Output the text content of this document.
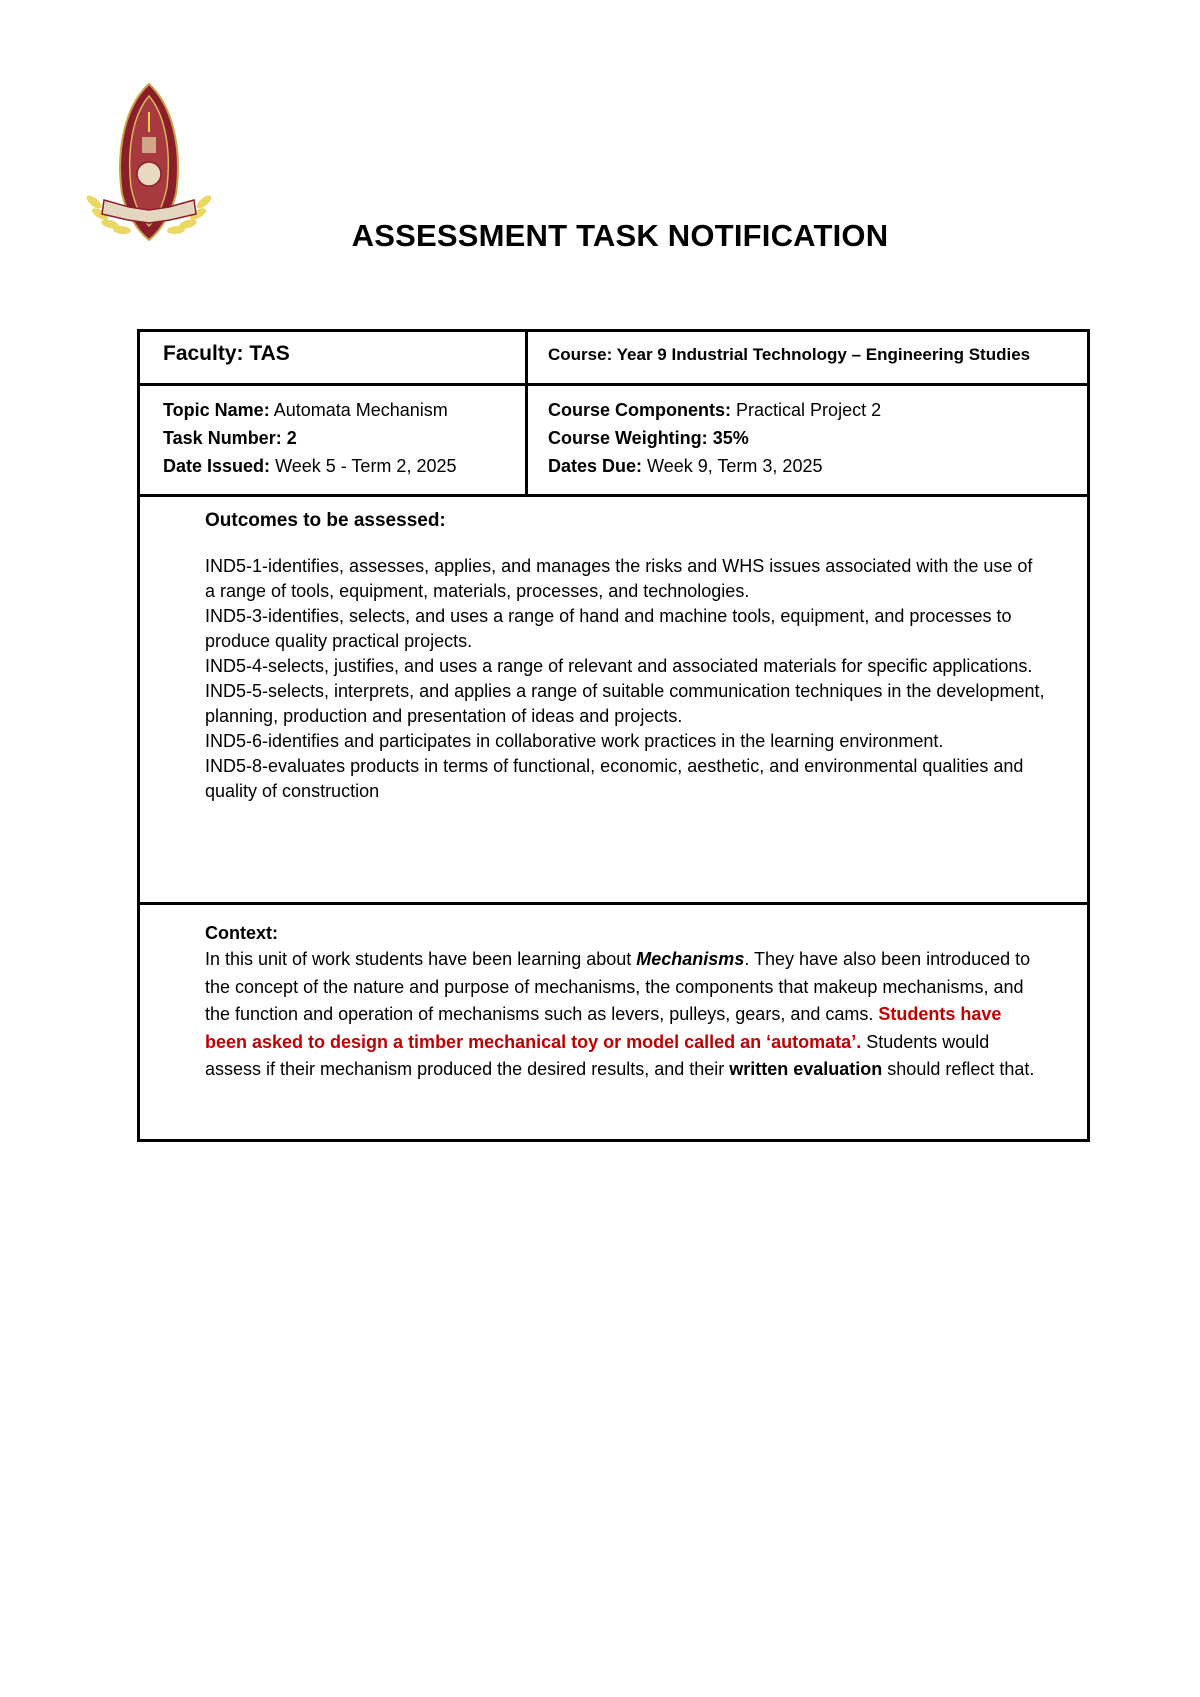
ASSESSMENT TASK NOTIFICATION
Faculty: TAS	Course: Year 9 Industrial Technology – Engineering Studies
Topic Name: Automata Mechanism
Task Number: 2
Date Issued: Week 5 - Term 2, 2025
Course Components: Practical Project 2
Course Weighting: 35%
Dates Due: Week 9, Term 3, 2025
Outcomes to be assessed:

IND5-1-identifies, assesses, applies, and manages the risks and WHS issues associated with the use of a range of tools, equipment, materials, processes, and technologies.

IND5-3-identifies, selects, and uses a range of hand and machine tools, equipment, and processes to produce quality practical projects.

IND5-4-selects, justifies, and uses a range of relevant and associated materials for specific applications.

IND5-5-selects, interprets, and applies a range of suitable communication techniques in the development, planning, production and presentation of ideas and projects.

IND5-6-identifies and participates in collaborative work practices in the learning environment.

IND5-8-evaluates products in terms of functional, economic, aesthetic, and environmental qualities and quality of construction

Context:

In this unit of work students have been learning about Mechanisms. They have also been introduced to the concept of the nature and purpose of mechanisms, the components that makeup mechanisms, and the function and operation of mechanisms such as levers, pulleys, gears, and cams. Students have been asked to design a timber mechanical toy or model called an ‘automata’. Students would assess if their mechanism produced the desired results, and their written evaluation should reflect that.
